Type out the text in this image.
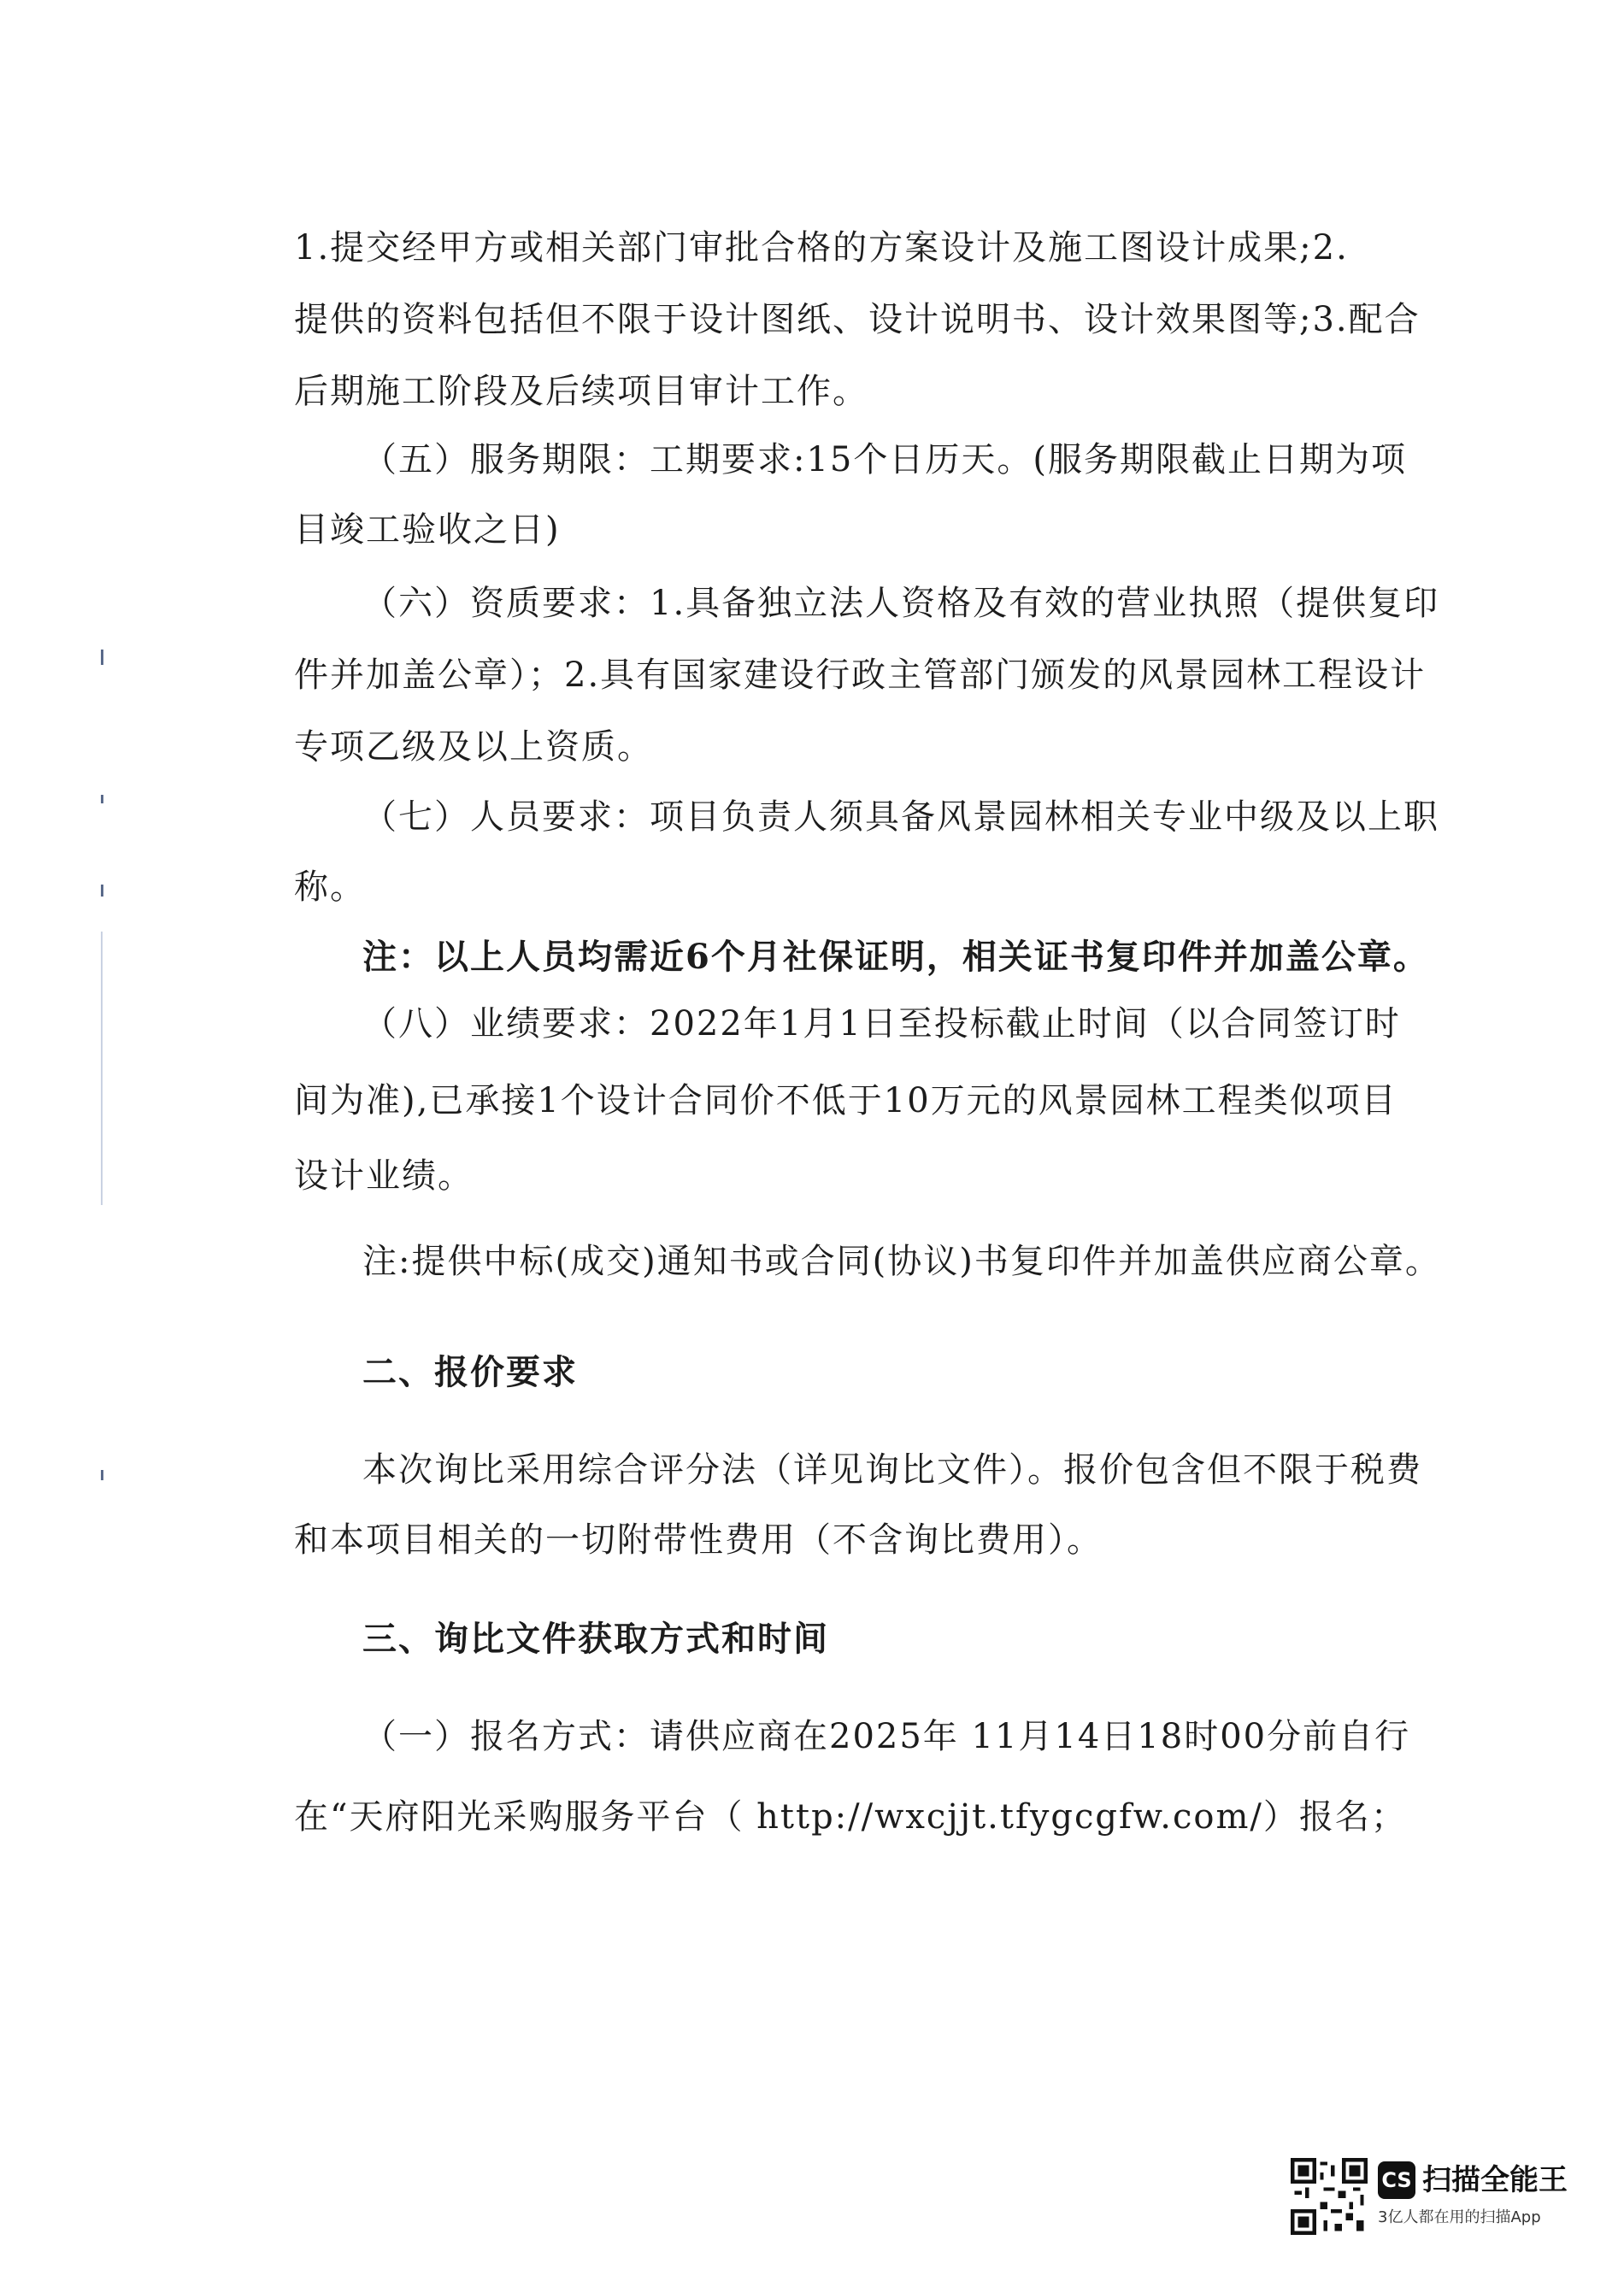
1.提交经甲方或相关部门审批合格的方案设计及施工图设计成果;2.
提供的资料包括但不限于设计图纸、设计说明书、设计效果图等;3.配合
后期施工阶段及后续项目审计工作。
（五）服务期限：工期要求:15个日历天。(服务期限截止日期为项
目竣工验收之日)
（六）资质要求：1.具备独立法人资格及有效的营业执照（提供复印
件并加盖公章）；2.具有国家建设行政主管部门颁发的风景园林工程设计
专项乙级及以上资质。
（七）人员要求：项目负责人须具备风景园林相关专业中级及以上职
称。
注：以上人员均需近6个月社保证明，相关证书复印件并加盖公章。
（八）业绩要求：2022年1月1日至投标截止时间（以合同签订时
间为准),已承接1个设计合同价不低于10万元的风景园林工程类似项目
设计业绩。
注:提供中标(成交)通知书或合同(协议)书复印件并加盖供应商公章。
二、报价要求
本次询比采用综合评分法（详见询比文件）。报价包含但不限于税费
和本项目相关的一切附带性费用（不含询比费用）。
三、询比文件获取方式和时间
（一）报名方式：请供应商在2025年 11月14日18时00分前自行
在“天府阳光采购服务平台（ http://wxcjjt.tfygcgfw.com/）报名；
CS 扫描全能王
3亿人都在用的扫描App
